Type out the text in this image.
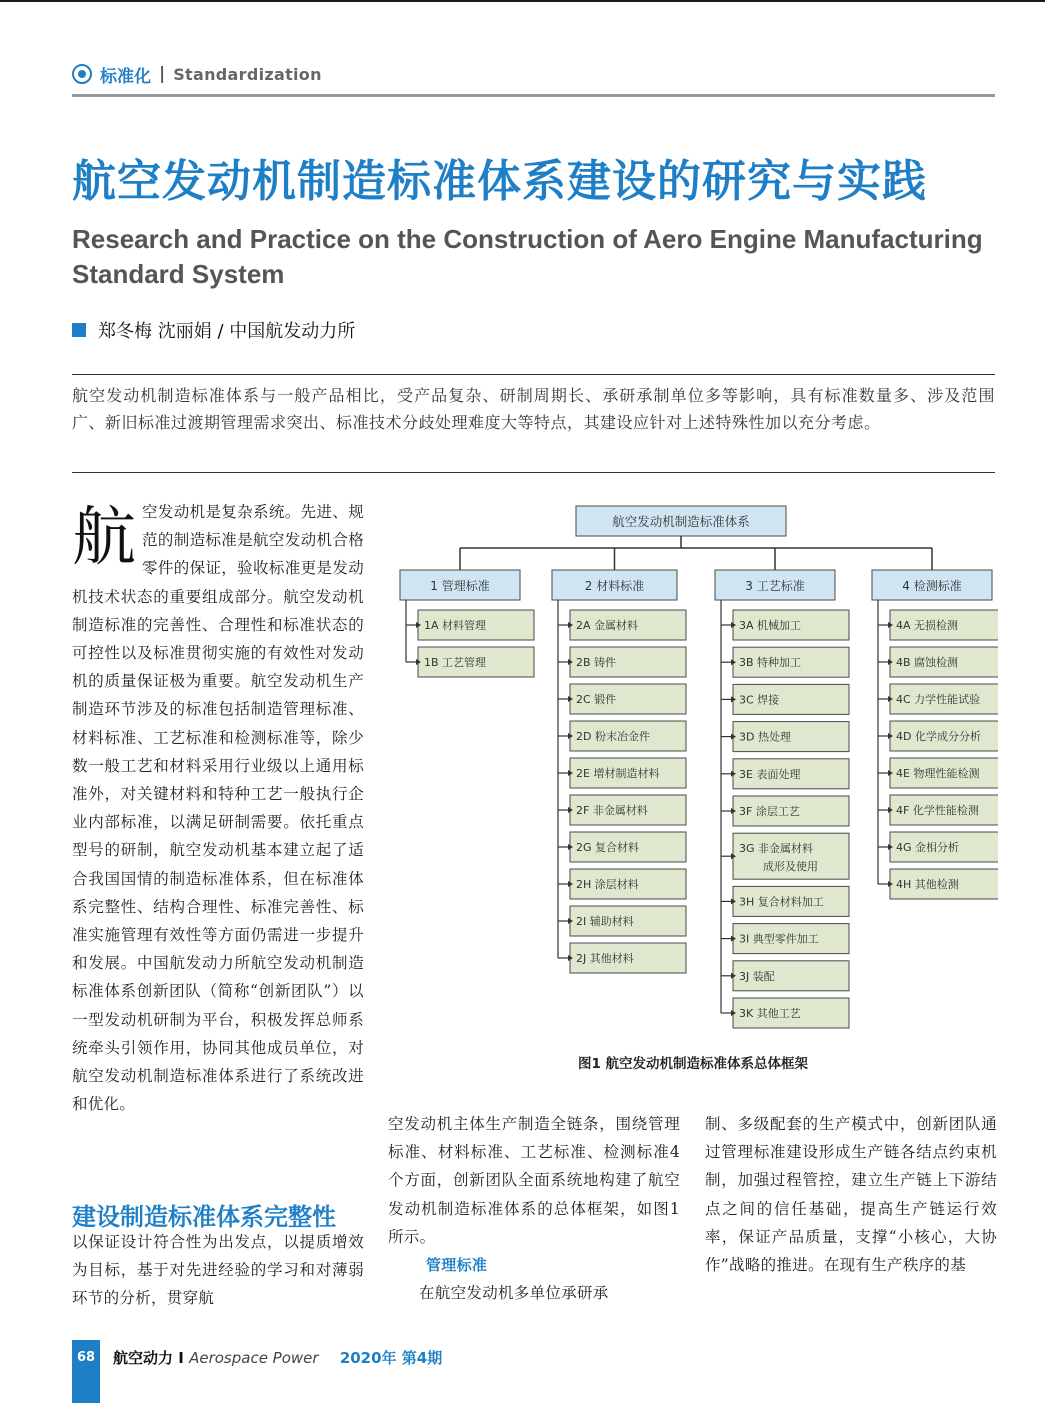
标准化 | Standardization
航空发动机制造标准体系建设的研究与实践
Research and Practice on the Construction of Aero Engine Manufacturing Standard System
郑冬梅 沈丽娟 / 中国航发动力所
航空发动机制造标准体系与一般产品相比，受产品复杂、研制周期长、承研承制单位多等影响，具有标准数量多、涉及范围广、新旧标准过渡期管理需求突出、标准技术分歧处理难度大等特点，其建设应针对上述特殊性加以充分考虑。
航 空发动机是复杂系统。先进、规范的制造标准是航空发动机合格零件的保证，验收标准更是发动机技术状态的重要组成部分。航空发动机制造标准的完善性、合理性和标准状态的可控性以及标准贯彻实施的有效性对发动机的质量保证极为重要。航空发动机生产制造环节涉及的标准包括制造管理标准、材料标准、工艺标准和检测标准等，除少数一般工艺和材料采用行业级以上通用标准外，对关键材料和特种工艺一般执行企业内部标准，以满足研制需要。依托重点型号的研制，航空发动机基本建立起了适合我国国情的制造标准体系，但在标准体系完整性、结构合理性、标准完善性、标准实施管理有效性等方面仍需进一步提升和发展。中国航发动力所航空发动机制造标准体系创新团队（简称“创新团队”）以一型发动机研制为平台，积极发挥总师系统牵头引领作用，协同其他成员单位，对航空发动机制造标准体系进行了系统改进和优化。
建设制造标准体系完整性
以保证设计符合性为出发点，以提质增效为目标，基于对先进经验的学习和对薄弱环节的分析，贯穿航
空发动机主体生产制造全链条，围绕管理标准、材料标准、工艺标准、检测标准4个方面，创新团队全面系统地构建了航空发动机制造标准体系的总体框架，如图1所示。
管理标准
在航空发动机多单位承研承
制、多级配套的生产模式中，创新团队通过管理标准建设形成生产链各结点约束机制，加强过程管控，建立生产链上下游结点之间的信任基础，提高生产链运行效率，保证产品质量，支撑“小核心，大协作”战略的推进。在现有生产秩序的基
航空发动机制造标准体系
1 管理标准
1A 材料管理
1B 工艺管理
2 材料标准
2A 金属材料
2B 铸件
2C 锻件
2D 粉末冶金件
2E 增材制造材料
2F 非金属材料
2G 复合材料
2H 涂层材料
2I 辅助材料
2J 其他材料
3 工艺标准
3A 机械加工
3B 特种加工
3C 焊接
3D 热处理
3E 表面处理
3F 涂层工艺
3G 非金属材料
成形及使用
3H 复合材料加工
3I 典型零件加工
3J 装配
3K 其他工艺
4 检测标准
4A 无损检测
4B 腐蚀检测
4C 力学性能试验
4D 化学成分分析
4E 物理性能检测
4F 化学性能检测
4G 金相分析
4H 其他检测
图1 航空发动机制造标准体系总体框架
68	航空动力 I Aerospace Power 2020年 第4期
